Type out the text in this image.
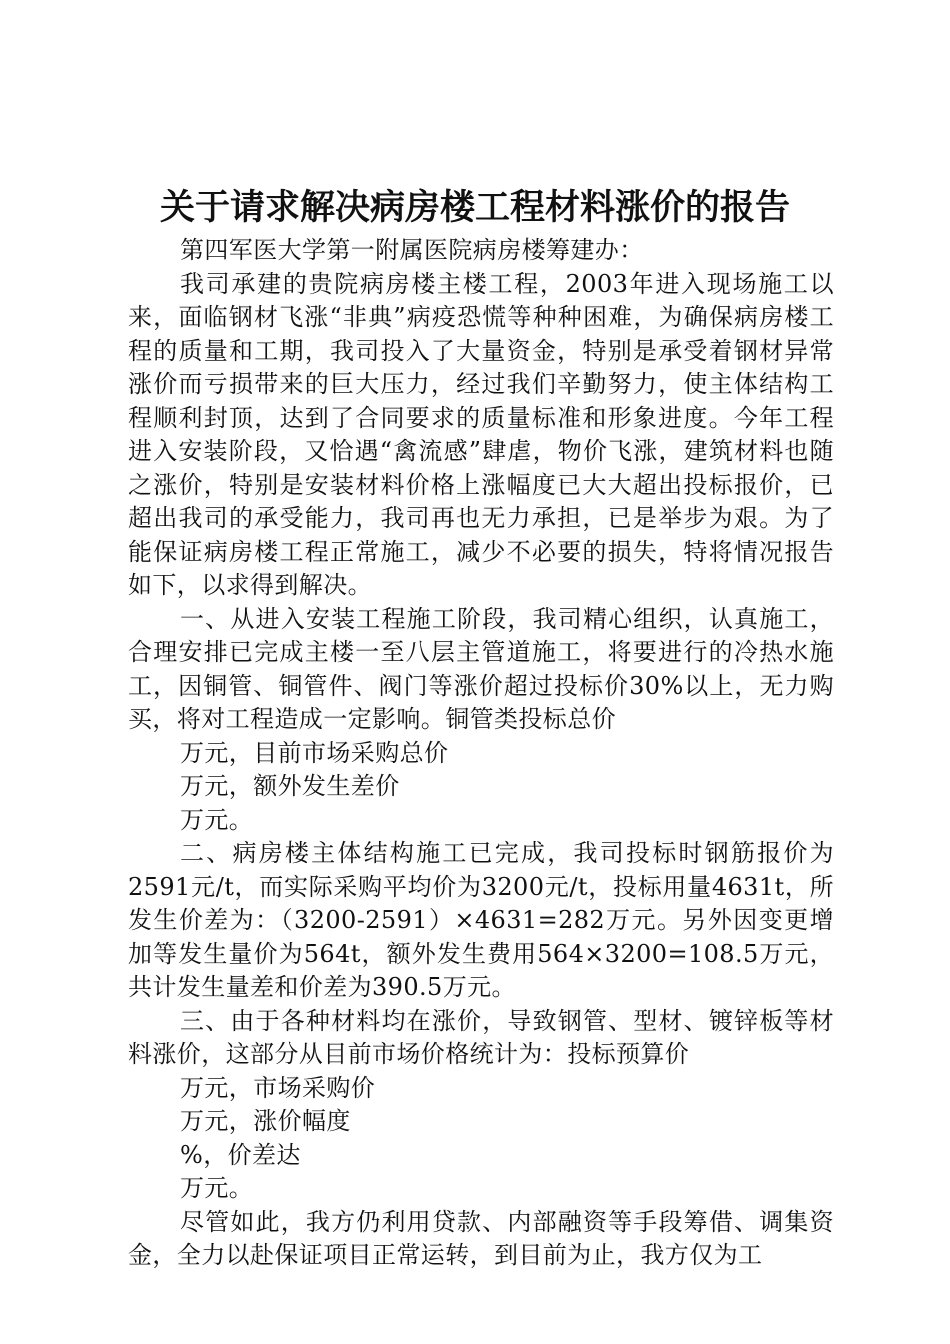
关于请求解决病房楼工程材料涨价的报告

第四军医大学第一附属医院病房楼筹建办：

我司承建的贵院病房楼主楼工程，2003年进入现场施工以来，面临钢材飞涨“非典”病疫恐慌等种种困难，为确保病房楼工程的质量和工期，我司投入了大量资金，特别是承受着钢材异常涨价而亏损带来的巨大压力，经过我们辛勤努力，使主体结构工程顺利封顶，达到了合同要求的质量标准和形象进度。今年工程进入安装阶段，又恰遇“禽流感”肆虐，物价飞涨，建筑材料也随之涨价，特别是安装材料价格上涨幅度已大大超出投标报价，已超出我司的承受能力，我司再也无力承担，已是举步为艰。为了能保证病房楼工程正常施工，减少不必要的损失，特将情况报告如下，以求得到解决。

一、从进入安装工程施工阶段，我司精心组织，认真施工，合理安排已完成主楼一至八层主管道施工，将要进行的冷热水施工，因铜管、铜管件、阀门等涨价超过投标价30%以上，无力购买，将对工程造成一定影响。铜管类投标总价

万元，目前市场采购总价

万元，额外发生差价

万元。

二、病房楼主体结构施工已完成，我司投标时钢筋报价为2591元/t，而实际采购平均价为3200元/t，投标用量4631t，所发生价差为：（3200-2591）×4631=282万元。另外因变更增加等发生量价为564t，额外发生费用564×3200=108.5万元，共计发生量差和价差为390.5万元。

三、由于各种材料均在涨价，导致钢管、型材、镀锌板等材料涨价，这部分从目前市场价格统计为：投标预算价

万元，市场采购价

万元，涨价幅度

%，价差达

万元。

尽管如此，我方仍利用贷款、内部融资等手段筹借、调集资金，全力以赴保证项目正常运转，到目前为止，我方仅为工
